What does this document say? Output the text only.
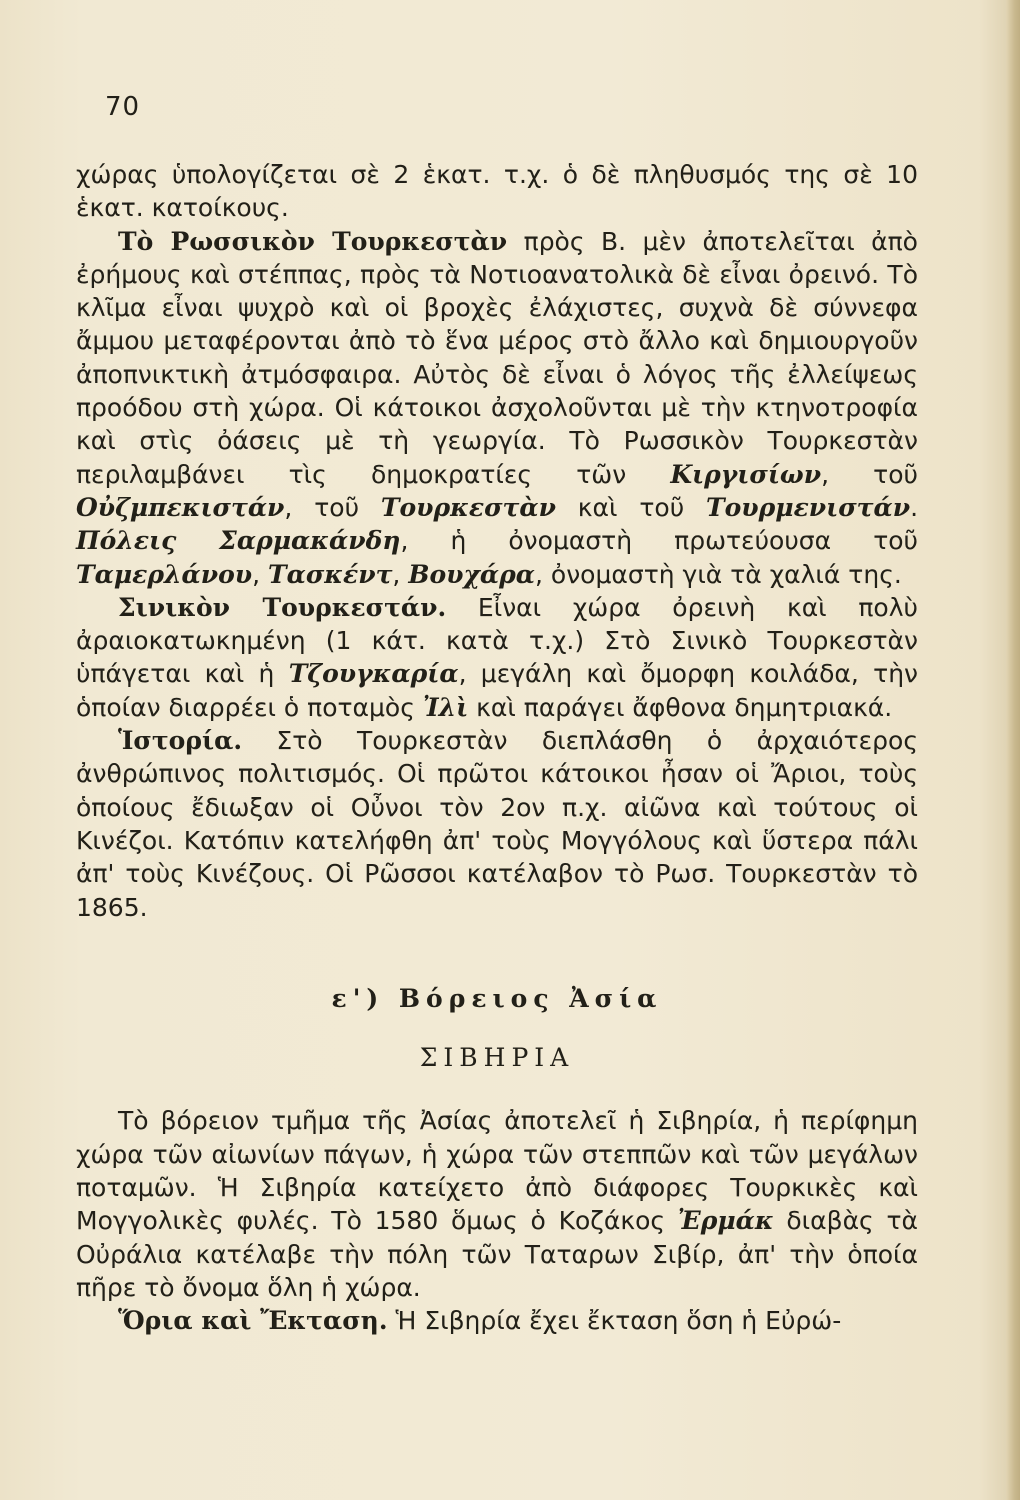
70

χώρας ὑπολογίζεται σὲ 2 ἑκατ. τ.χ. ὁ δὲ πληθυσμός της σὲ 10 ἑκατ. κατοίκους.

Τὸ Ρωσσικὸν Τουρκεστὰν πρὸς Β. μὲν ἀποτελεῖται ἀπὸ ἐρήμους καὶ στέππας, πρὸς τὰ Νοτιοανατολικὰ δὲ εἶναι ὀρεινό. Τὸ κλῖμα εἶναι ψυχρὸ καὶ οἱ βροχὲς ἐλάχιστες, συχνὰ δὲ σύννεφα ἄμμου μεταφέρονται ἀπὸ τὸ ἕνα μέρος στὸ ἄλλο καὶ δημιουργοῦν ἀποπνικτικὴ ἀτμόσφαιρα. Αὐτὸς δὲ εἶναι ὁ λόγος τῆς ἐλλείψεως προόδου στὴ χώρα. Οἱ κάτοικοι ἀσχολοῦνται μὲ τὴν κτηνοτροφία καὶ στὶς ὀάσεις μὲ τὴ γεωργία. Τὸ Ρωσσικὸν Τουρκεστὰν περιλαμβάνει τὶς δημοκρατίες τῶν Κιργισίων, τοῦ Οὐζμπεκιστάν, τοῦ Τουρκεστὰν καὶ τοῦ Τουρμενιστάν. Πόλεις Σαρμακάνδη, ἡ ὀνομαστὴ πρωτεύουσα τοῦ Ταμερλάνου, Τασκέντ, Βουχάρα, ὀνομαστὴ γιὰ τὰ χαλιά της.

Σινικὸν Τουρκεστάν. Εἶναι χώρα ὀρεινὴ καὶ πολὺ ἀραιοκατωκημένη (1 κάτ. κατὰ τ.χ.) Στὸ Σινικὸ Τουρκεστὰν ὑπάγεται καὶ ἡ Τζουγκαρία, μεγάλη καὶ ὄμορφη κοιλάδα, τὴν ὁποίαν διαρρέει ὁ ποταμὸς Ἰλὶ καὶ παράγει ἄφθονα δημητριακά.

Ἱστορία. Στὸ Τουρκεστὰν διεπλάσθη ὁ ἀρχαιότερος ἀνθρώπινος πολιτισμός. Οἱ πρῶτοι κάτοικοι ἦσαν οἱ Ἄριοι, τοὺς ὁποίους ἔδιωξαν οἱ Οὖνοι τὸν 2ον π.χ. αἰῶνα καὶ τούτους οἱ Κινέζοι. Κατόπιν κατελήφθη ἀπ' τοὺς Μογγόλους καὶ ὕστερα πάλι ἀπ' τοὺς Κινέζους. Οἱ Ρῶσσοι κατέλαβον τὸ Ρωσ. Τουρκεστὰν τὸ 1865.

ε') Βόρειος Ἀσία
ΣΙΒΗΡΙΑ

Τὸ βόρειον τμῆμα τῆς Ἀσίας ἀποτελεῖ ἡ Σιβηρία, ἡ περίφημη χώρα τῶν αἰωνίων πάγων, ἡ χώρα τῶν στεππῶν καὶ τῶν μεγάλων ποταμῶν. Ἡ Σιβηρία κατείχετο ἀπὸ διάφορες Τουρκικὲς καὶ Μογγολικὲς φυλές. Τὸ 1580 ὅμως ὁ Κοζάκος Ἐρμάκ διαβὰς τὰ Οὐράλια κατέλαβε τὴν πόλη τῶν Ταταρων Σιβίρ, ἀπ' τὴν ὁποία πῆρε τὸ ὄνομα ὅλη ἡ χώρα.

Ὅρια καὶ Ἔκταση. Ἡ Σιβηρία ἔχει ἔκταση ὅση ἡ Εὐρώ-
